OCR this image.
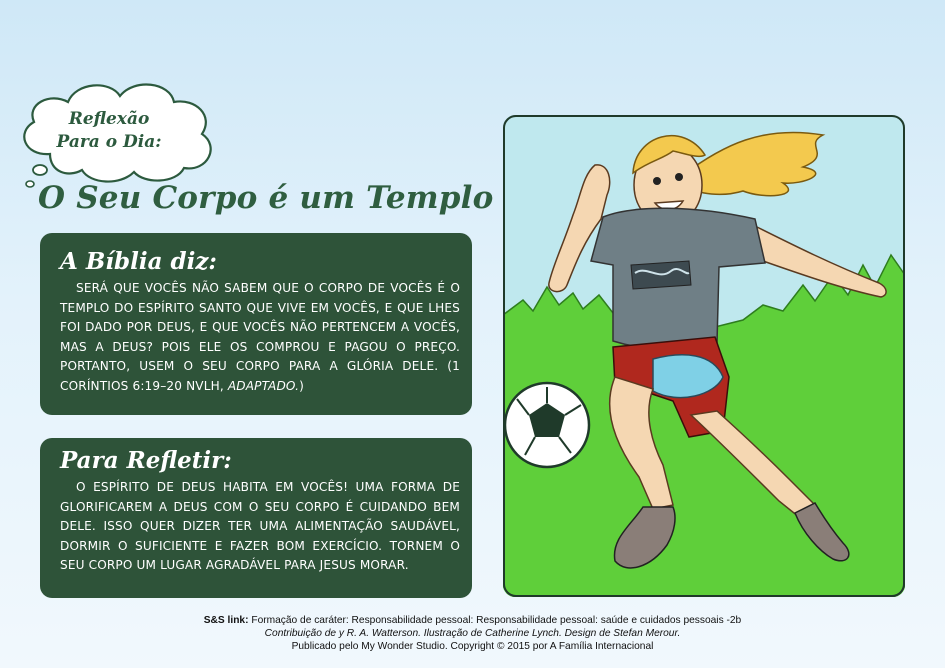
Reflexão
Para o Dia:
O Seu Corpo é um Templo
A Bíblia diz:

SERÁ QUE VOCÊS NÃO SABEM QUE O CORPO DE VOCÊS É O TEMPLO DO ESPÍRITO SANTO QUE VIVE EM VOCÊS, E QUE LHES FOI DADO POR DEUS, E QUE VOCÊS NÃO PERTENCEM A VOCÊS, MAS A DEUS? POIS ELE OS COMPROU E PAGOU O PREÇO. PORTANTO, USEM O SEU CORPO PARA A GLÓRIA DELE. (1 CORÍNTIOS 6:19–20 NVLH, ADAPTADO.)

Para Refletir:

O ESPÍRITO DE DEUS HABITA EM VOCÊS! UMA FORMA DE GLORIFICAREM A DEUS COM O SEU CORPO É CUIDANDO BEM DELE. ISSO QUER DIZER TER UMA ALIMENTAÇÃO SAUDÁVEL, DORMIR O SUFICIENTE E FAZER BOM EXERCÍCIO. TORNEM O SEU CORPO UM LUGAR AGRADÁVEL PARA JESUS MORAR.

S&S link: Formação de caráter: Responsabilidade pessoal: Responsabilidade pessoal: saúde e cuidados pessoais -2b
Contribuição de y R. A. Watterson. Ilustração de Catherine Lynch. Design de Stefan Merour.
Publicado pelo My Wonder Studio. Copyright © 2015 por A Família Internacional
